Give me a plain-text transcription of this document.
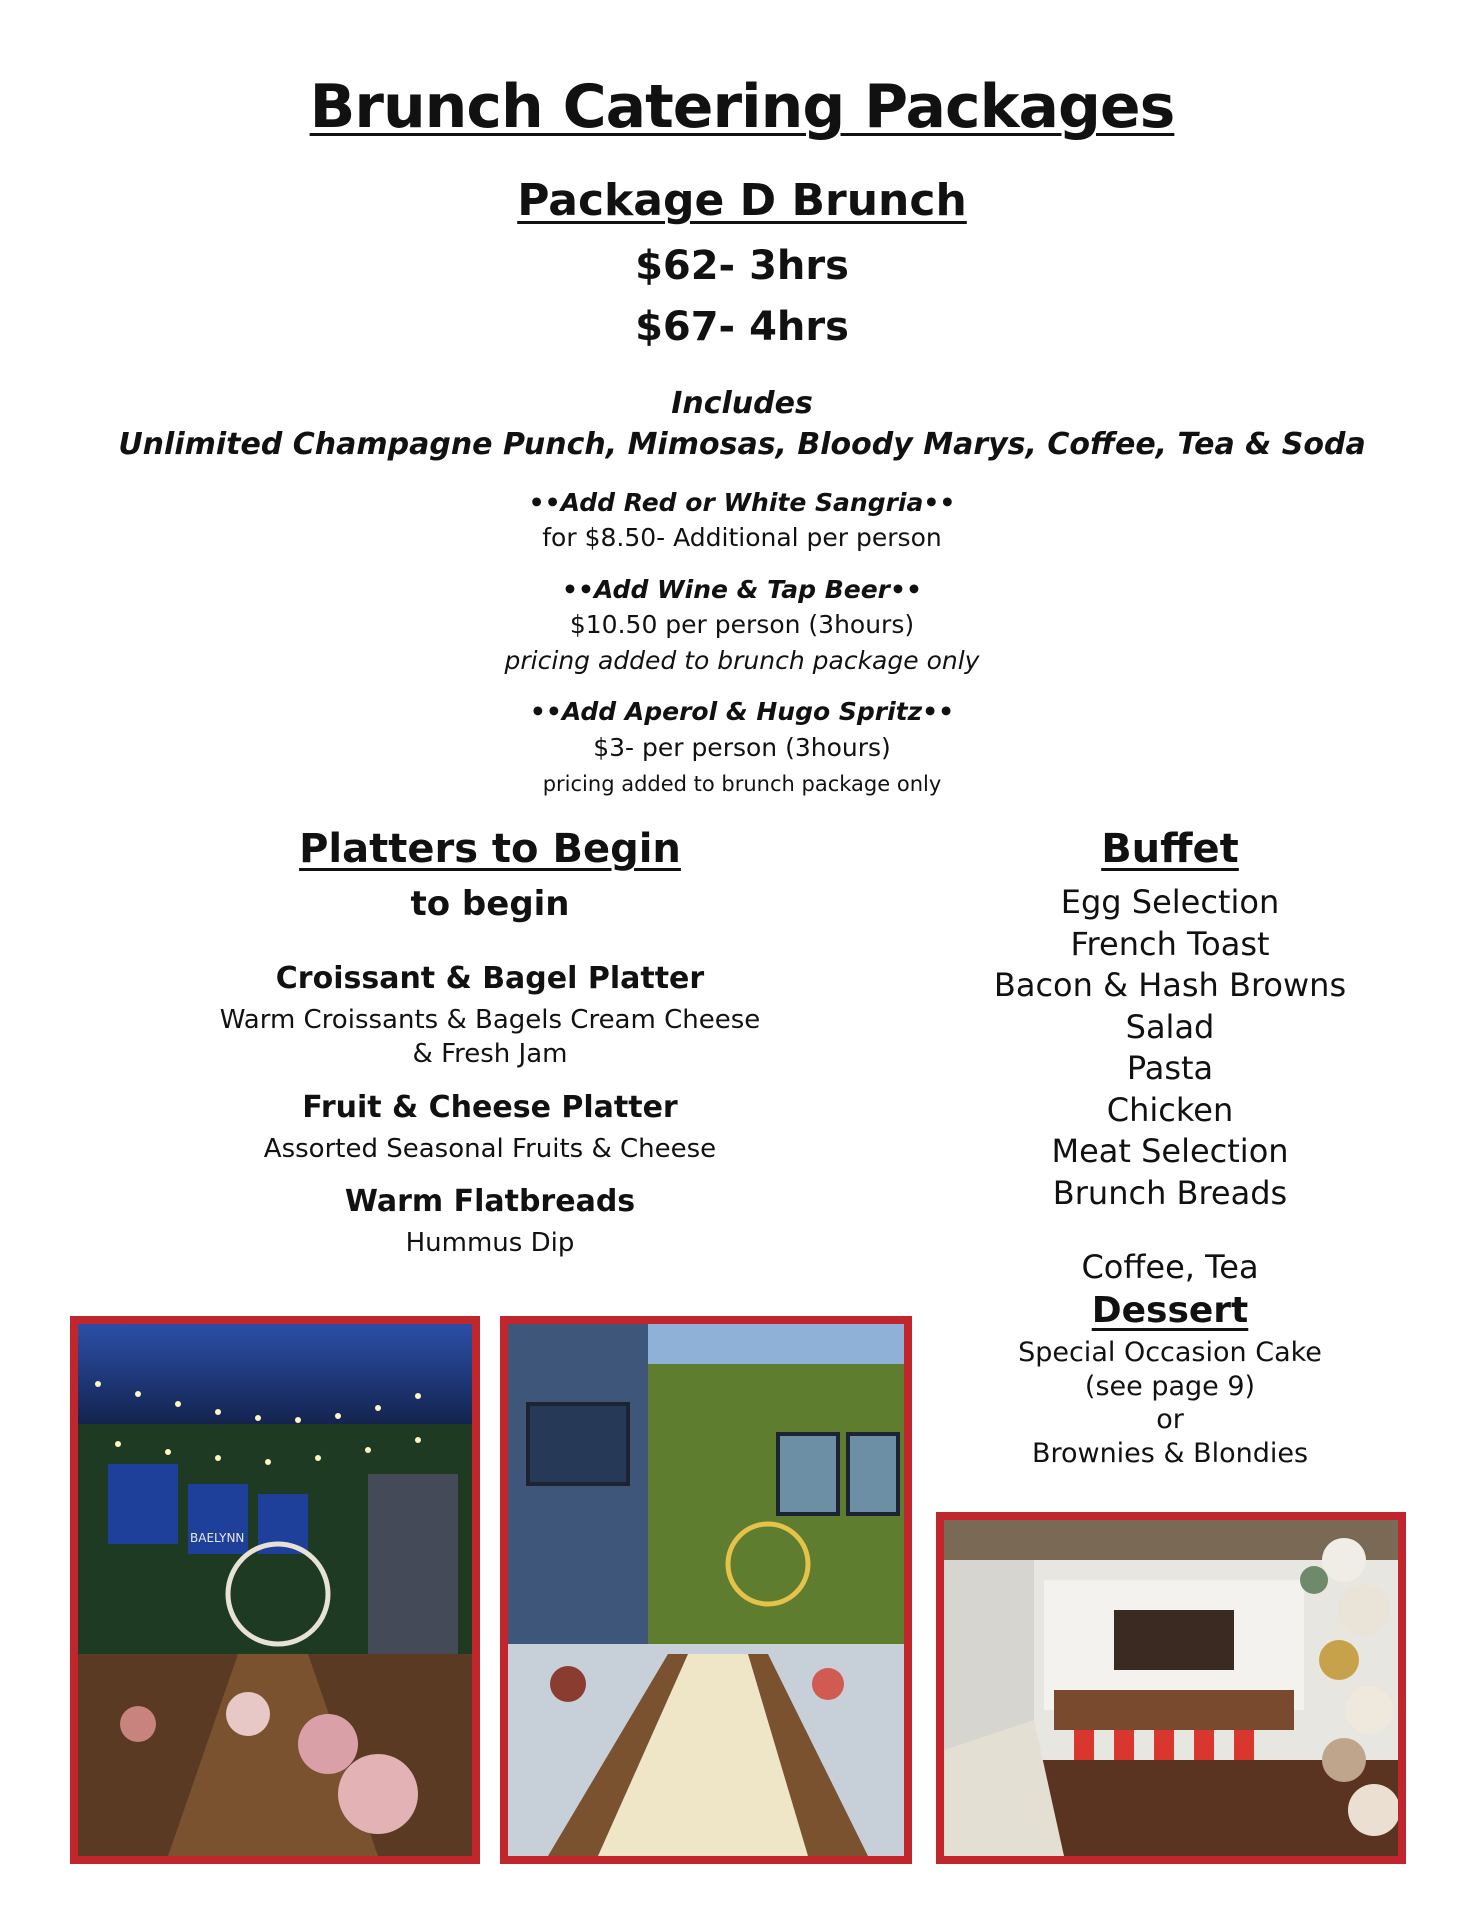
Brunch Catering Packages
Package D Brunch
$62- 3hrs
$67- 4hrs
Includes
Unlimited Champagne Punch, Mimosas, Bloody Marys, Coffee, Tea & Soda
••Add Red or White Sangria••
for $8.50- Additional per person
••Add Wine & Tap Beer••
$10.50 per person (3hours)
pricing added to brunch package only
••Add Aperol & Hugo Spritz••
$3- per person (3hours)
pricing added to brunch package only
Platters to Begin
to begin
Croissant & Bagel Platter
Warm Croissants & Bagels Cream Cheese
& Fresh Jam
Fruit & Cheese Platter
Assorted Seasonal Fruits & Cheese
Warm Flatbreads
Hummus Dip
Buffet
Egg Selection
French Toast
Bacon & Hash Browns
Salad
Pasta
Chicken
Meat Selection
Brunch Breads
Coffee, Tea
Dessert
Special Occasion Cake
(see page 9)
or
Brownies & Blondies
BAELYNN
